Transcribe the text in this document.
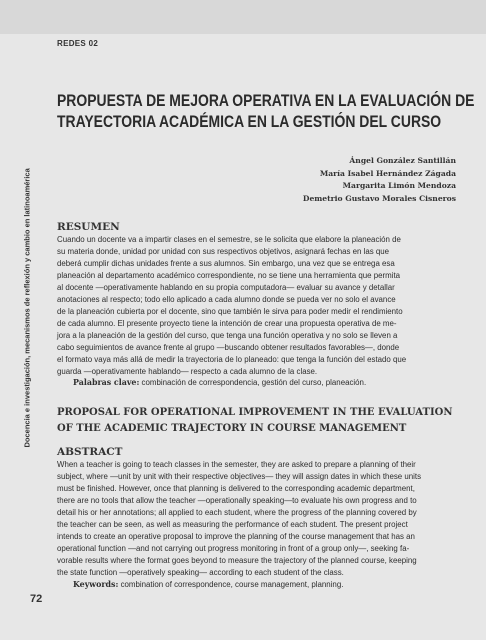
REDES 02
PROPUESTA DE MEJORA OPERATIVA EN LA EVALUACIÓN DE
TRAYECTORIA ACADÉMICA EN LA GESTIÓN DEL CURSO
Ángel González Santillán
María Isabel Hernández Zágada
Margarita Limón Mendoza
Demetrio Gustavo Morales Cisneros
Docencia e investigación, mecanismos de reflexión y cambio en latinoamérica RESUMEN
Cuando un docente va a impartir clases en el semestre, se le solicita que elabore la planeación de
su materia donde, unidad por unidad con sus respectivos objetivos, asignará fechas en las que
deberá cumplir dichas unidades frente a sus alumnos. Sin embargo, una vez que se entrega esa
planeación al departamento académico correspondiente, no se tiene una herramienta que permita
al docente —operativamente hablando en su propia computadora— evaluar su avance y detallar
anotaciones al respecto; todo ello aplicado a cada alumno donde se pueda ver no solo el avance
de la planeación cubierta por el docente, sino que también le sirva para poder medir el rendimiento
de cada alumno. El presente proyecto tiene la intención de crear una propuesta operativa de me-
jora a la planeación de la gestión del curso, que tenga una función operativa y no solo se lleven a
cabo seguimientos de avance frente al grupo —buscando obtener resultados favorables—, donde
el formato vaya más allá de medir la trayectoria de lo planeado: que tenga la función del estado que
guarda —operativamente hablando— respecto a cada alumno de la clase.
Palabras clave: combinación de correspondencia, gestión del curso, planeación.
PROPOSAL FOR OPERATIONAL IMPROVEMENT IN THE EVALUATION
OF THE ACADEMIC TRAJECTORY IN COURSE MANAGEMENT
ABSTRACT
When a teacher is going to teach classes in the semester, they are asked to prepare a planning of their
subject, where —unit by unit with their respective objectives— they will assign dates in which these units
must be finished. However, once that planning is delivered to the corresponding academic department,
there are no tools that allow the teacher —operationally speaking—to evaluate his own progress and to
detail his or her annotations; all applied to each student, where the progress of the planning covered by
the teacher can be seen, as well as measuring the performance of each student. The present project
intends to create an operative proposal to improve the planning of the course management that has an
operational function —and not carrying out progress monitoring in front of a group only—, seeking fa-
vorable results where the format goes beyond to measure the trajectory of the planned course, keeping
the state function —operatively speaking— according to each student of the class.
Keywords: combination of correspondence, course management, planning.
72
